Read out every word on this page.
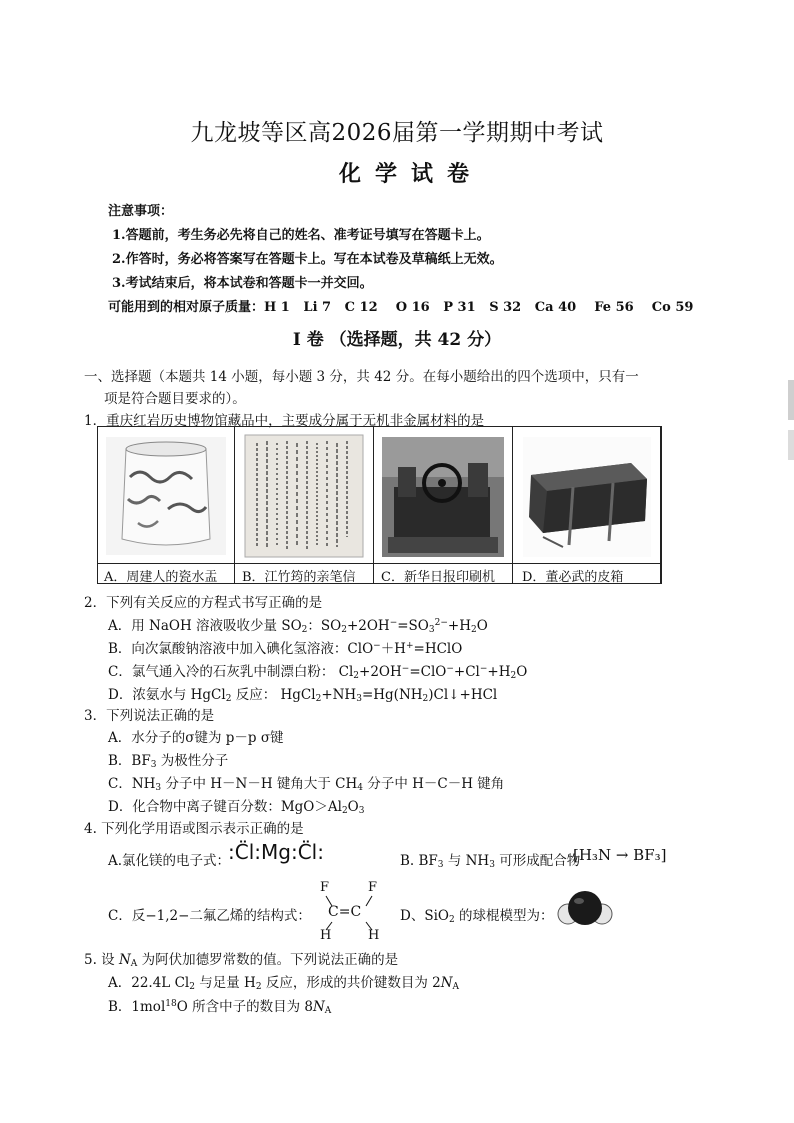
九龙坡等区高2026届第一学期期中考试
化学试卷
注意事项：
1.答题前，考生务必先将自己的姓名、准考证号填写在答题卡上。
2.作答时，务必将答案写在答题卡上。写在本试卷及草稿纸上无效。
3.考试结束后，将本试卷和答题卡一并交回。
可能用到的相对原子质量：H 1   Li 7   C 12    O 16   P 31   S 32   Ca 40    Fe 56    Co 59
I 卷 （选择题，共 42 分）
一、选择题（本题共 14 小题，每小题 3 分，共 42 分。在每小题给出的四个选项中，只有一
项是符合题目要求的）。
1．重庆红岩历史博物馆藏品中，主要成分属于无机非金属材料的是
A．周建人的瓷水盂 B．江竹筠的亲笔信 C．新华日报印刷机 D．董必武的皮箱
2．下列有关反应的方程式书写正确的是
A．用 NaOH 溶液吸收少量 $SO_2$：$SO_2+2OH^-=SO_3^{2-}+H_2O$
B．向次氯酸钠溶液中加入碘化氢溶液：ClO−＋H+=HClO
C．氯气通入冷的石灰乳中制漂白粉： $Cl_2+2OH^-=ClO^-+Cl^-+H_2O$
D．浓氨水与 HgCl$_2$ 反应： $HgCl_2+NH_3=Hg(NH_2)Cl↓+HCl$
3．下列说法正确的是
A．水分子的σ键为 p－p σ键
B．$BF_3$ 为极性分子
C．$NH_3$ 分子中 H－N－H 键角大于 $CH_4$ 分子中 H－C－H 键角
D．化合物中离子键百分数：$MgO>Al_2O_3$
4. 下列化学用语或图示表示正确的是
A.氯化镁的电子式：
:C̈l:Mg:C̈l:	B. $BF_3$ 与 $NH_3$ 可形成配合物
[H₃N → BF₃]
C．反−1,2−二氟乙烯的结构式：
F	F
C=C
H	H
D、SiO$_2$ 的球棍模型为：
5. 设 $N_A$ 为阿伏加德罗常数的值。下列说法正确的是
A．22.4L $Cl_2$ 与足量 $H_2$ 反应，形成的共价键数目为 $2N_A$
B．1mol$^{18}$O 所含中子的数目为 $8N_A$
